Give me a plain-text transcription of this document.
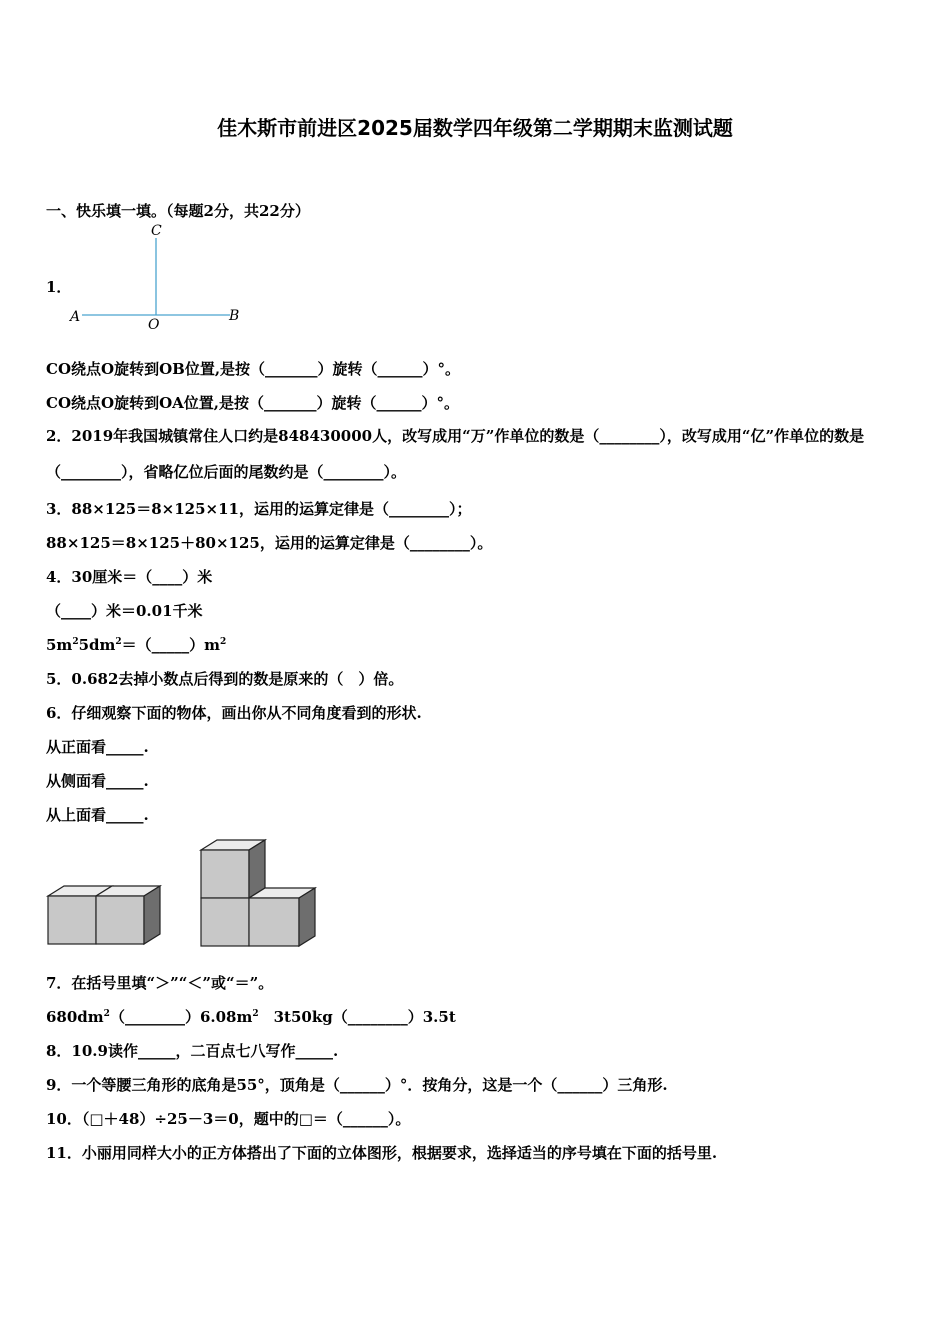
佳木斯市前进区2025届数学四年级第二学期期末监测试题
一、快乐填一填。（每题2分，共22分）
1．
C
A	O
B
CO绕点O旋转到OB位置,是按（_______）旋转（______）°。
CO绕点O旋转到OA位置,是按（_______）旋转（______）°。
2．2019年我国城镇常住人口约是848430000人，改写成用“万”作单位的数是（________），改写成用“亿”作单位的数是（________），省略亿位后面的尾数约是（________）。
3．88×125＝8×125×11，运用的运算定律是（________）；
88×125＝8×125＋80×125，运用的运算定律是（________）。
4．30厘米＝（____）米
（____）米＝0.01千米
$5m^25dm^2=(\_\_\_\_\_)m^2$
5．0.682去掉小数点后得到的数是原来的（　）倍。
6．仔细观察下面的物体，画出你从不同角度看到的形状.
从正面看_____.
从侧面看_____.
从上面看_____.
7．在括号里填“＞”“＜”或“＝”。
$680dm^2(\_\_\_\_\_\_\_\_)6.08m^2$　3t50kg（________）3.5t
8．10.9读作_____，二百点七八写作_____.
9．一个等腰三角形的底角是55°，顶角是（______）°．按角分，这是一个（______）三角形.
10．（□＋48）÷25－3＝0，题中的□＝（______）。
11．小丽用同样大小的正方体搭出了下面的立体图形，根据要求，选择适当的序号填在下面的括号里.
